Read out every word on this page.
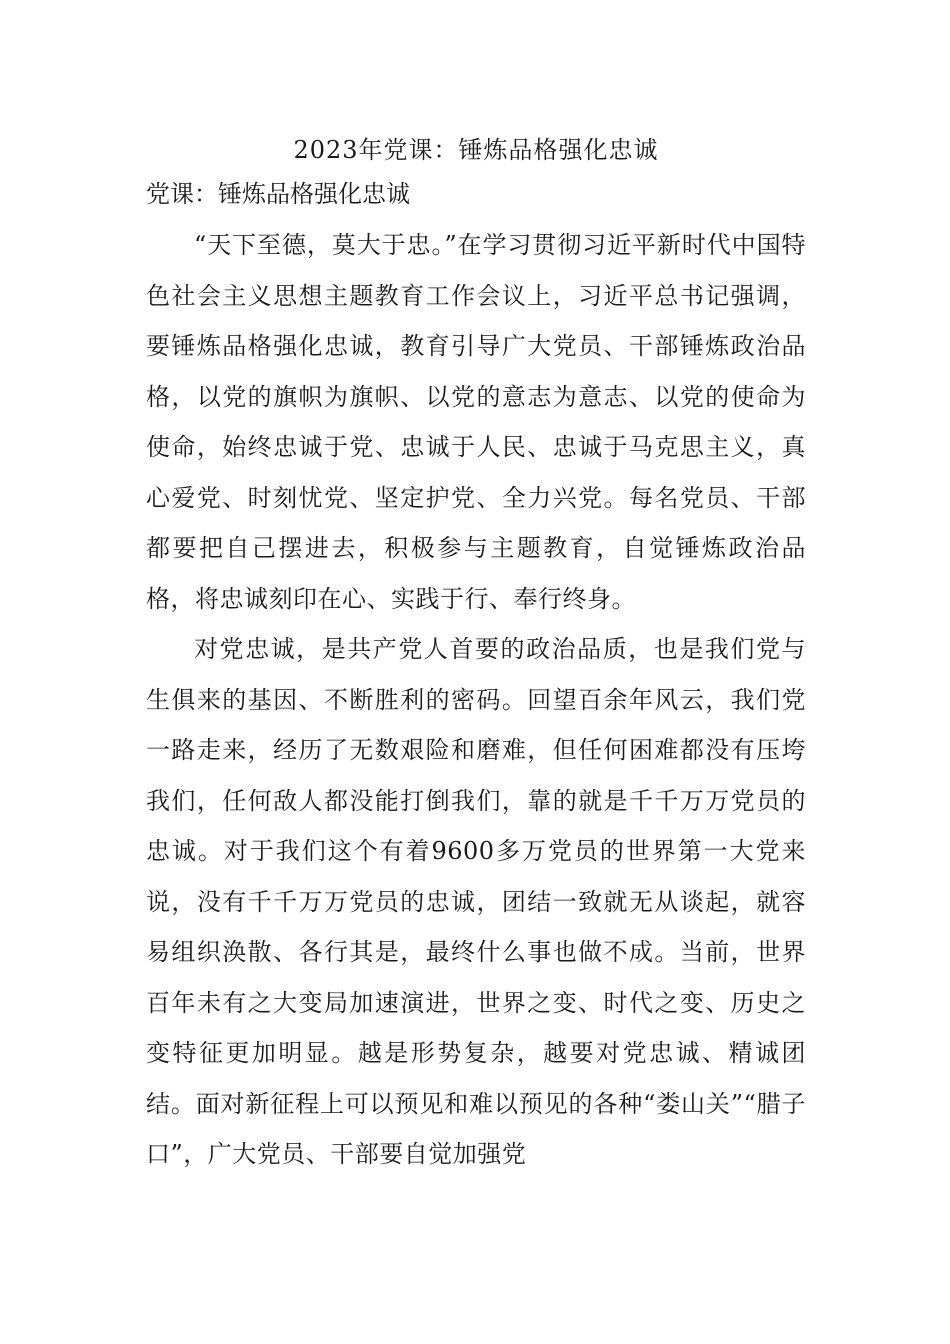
2023年党课：锤炼品格强化忠诚
党课：锤炼品格强化忠诚

“天下至德，莫大于忠。”在学习贯彻习近平新时代中国特色社会主义思想主题教育工作会议上，习近平总书记强调，要锤炼品格强化忠诚，教育引导广大党员、干部锤炼政治品格，以党的旗帜为旗帜、以党的意志为意志、以党的使命为使命，始终忠诚于党、忠诚于人民、忠诚于马克思主义，真心爱党、时刻忧党、坚定护党、全力兴党。每名党员、干部都要把自己摆进去，积极参与主题教育，自觉锤炼政治品格，将忠诚刻印在心、实践于行、奉行终身。

对党忠诚，是共产党人首要的政治品质，也是我们党与生俱来的基因、不断胜利的密码。回望百余年风云，我们党一路走来，经历了无数艰险和磨难，但任何困难都没有压垮我们，任何敌人都没能打倒我们，靠的就是千千万万党员的忠诚。对于我们这个有着9600多万党员的世界第一大党来说，没有千千万万党员的忠诚，团结一致就无从谈起，就容易组织涣散、各行其是，最终什么事也做不成。当前，世界百年未有之大变局加速演进，世界之变、时代之变、历史之变特征更加明显。越是形势复杂，越要对党忠诚、精诚团结。面对新征程上可以预见和难以预见的各种“娄山关”“腊子口”，广大党员、干部要自觉加强党
